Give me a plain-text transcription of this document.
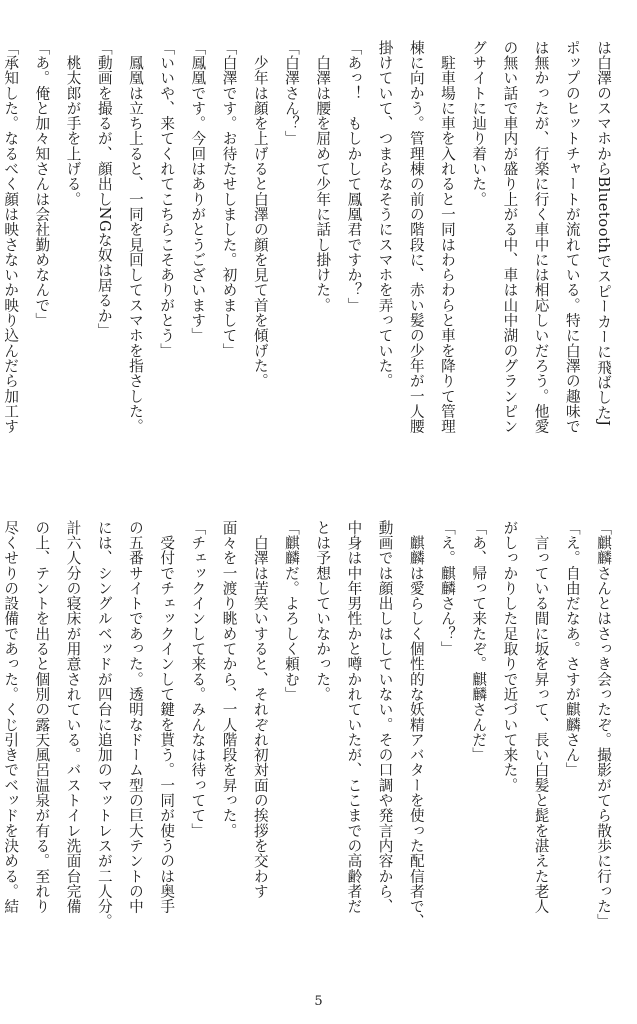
は白澤のスマホからBluetoothでスピーカーに飛ばしたJ
ポップのヒットチャートが流れている。特に白澤の趣味で
は無かったが、行楽に行く車中には相応しいだろう。他愛
の無い話で車内が盛り上がる中、車は山中湖のグランピン
グサイトに辿り着いた。
　駐車場に車を入れると一同はわらわらと車を降りて管理
棟に向かう。管理棟の前の階段に、赤い髪の少年が一人腰
掛けていて、つまらなそうにスマホを弄っていた。
「あっ！　もしかして鳳凰君ですか？」
　白澤は腰を屈めて少年に話し掛けた。
「白澤さん？」
　少年は顔を上げると白澤の顔を見て首を傾げた。
「白澤です。お待たせしました。初めまして」
「鳳凰です。今回はありがとうございます」
「いいや、来てくれてこちらこそありがとう」
　鳳凰は立ち上ると、一同を見回してスマホを指さした。
「動画を撮るが、顔出しNGな奴は居るか」
　桃太郎が手を上げる。
「あ。俺と加々知さんは会社勤めなんで」
「承知した。なるべく顔は映さないか映り込んだら加工す
「麒麟さんとはさっき会ったぞ。撮影がてら散歩に行った」
「え。自由だなあ。さすが麒麟さん」
　言っている間に坂を昇って、長い白髪と髭を湛えた老人
がしっかりした足取りで近づいて来た。
「あ、帰って来たぞ。麒麟さんだ」
「え。麒麟さん？」
　麒麟は愛らしく個性的な妖精アバターを使った配信者で、
動画では顔出しはしていない。その口調や発言内容から、
中身は中年男性かと噂かれていたが、ここまでの高齢者だ
とは予想していなかった。
「麒麟だ。よろしく頼む」
　白澤は苦笑いすると、それぞれ初対面の挨拶を交わす
面々を一渡り眺めてから、一人階段を昇った。
「チェックインして来る。みんなは待ってて」
　受付でチェックインして鍵を貰う。一同が使うのは奥手
の五番サイトであった。透明なドーム型の巨大テントの中
には、シングルベッドが四台に追加のマットレスが二人分。
計六人分の寝床が用意されている。バストイレ洗面台完備
の上、テントを出ると個別の露天風呂温泉が有る。至れり
尽くせりの設備であった。くじ引きでベッドを決める。結
5
